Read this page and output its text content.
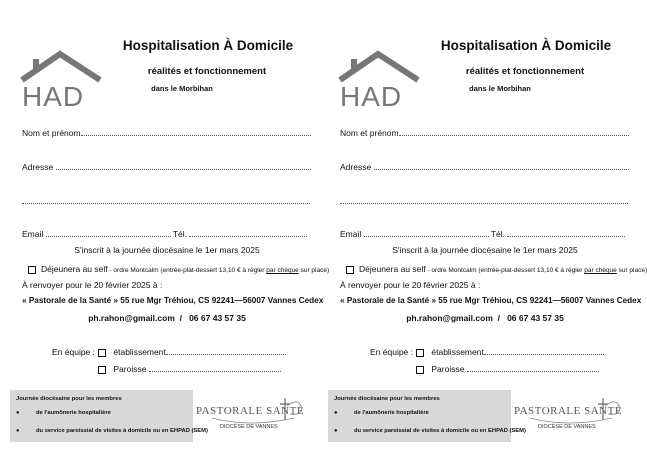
HAD
Hospitalisation À Domicile
réalités et fonctionnement
dans le Morbihan
Nom et prénom
Adresse
Email	Tél.
S'inscrit à la journée diocésaine le 1er mars 2025
Déjeunera au self - ordre Montcalm (entrée-plat-dessert 13,10 € à régler par chèque sur place)
À renvoyer pour le 20 février 2025 à :
« Pastorale de la Santé » 55 rue Mgr Tréhiou, CS 92241—56007 Vannes Cedex
ph.rahon@gmail.com / 06 67 43 57 35
En équipe :	établissement
Paroisse
Journée diocésaine pour les membres
●	de l'aumônerie hospitalière
●	du service paroissial de visites à domicile ou en EHPAD (SEM)
PASTORALE SANTÉ
DIOCÈSE DE VANNES
HAD
Hospitalisation À Domicile
réalités et fonctionnement
dans le Morbihan
Nom et prénom
Adresse
Email	Tél.
S'inscrit à la journée diocésaine le 1er mars 2025
Déjeunera au self - ordre Montcalm (entrée-plat-dessert 13,10 € à régler par chèque sur place)
À renvoyer pour le 20 février 2025 à :
« Pastorale de la Santé » 55 rue Mgr Tréhiou, CS 92241—56007 Vannes Cedex
ph.rahon@gmail.com / 06 67 43 57 35
En équipe :	établissement
Paroisse
Journée diocésaine pour les membres
●	de l'aumônerie hospitalière
●	du service paroissial de visites à domicile ou en EHPAD (SEM)
PASTORALE SANTÉ
DIOCÈSE DE VANNES
